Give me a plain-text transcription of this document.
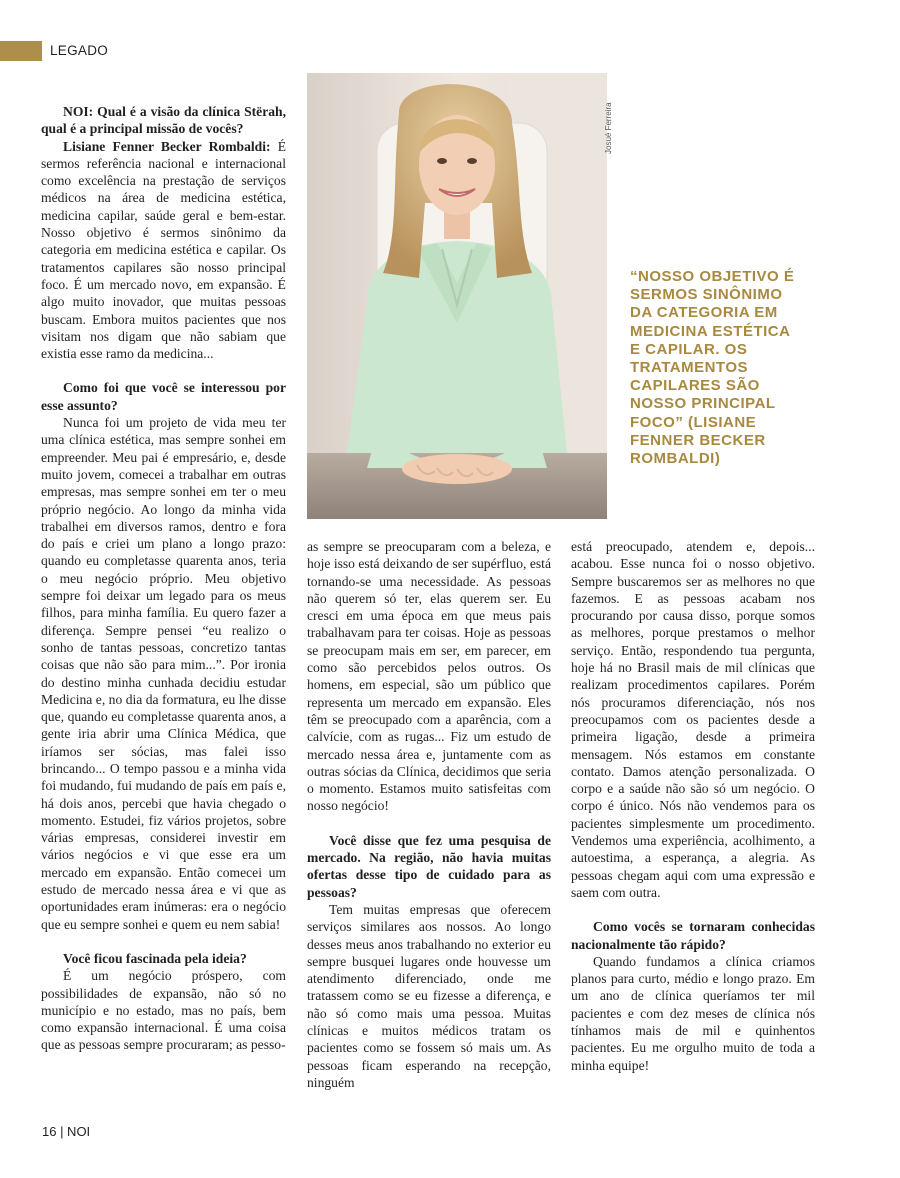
LEGADO

NOI: Qual é a visão da clínica Stërah, qual é a principal missão de vocês?

Lisiane Fenner Becker Rombaldi: É sermos referência nacional e internacional como excelência na prestação de serviços médicos na área de medicina estética, medicina capilar, saúde geral e bem-estar. Nosso objetivo é sermos sinônimo da categoria em medicina estética e capilar. Os tratamentos capilares são nosso principal foco. É um mercado novo, em expansão. É algo muito inovador, que muitas pessoas buscam. Embora muitos pacientes que nos visitam nos digam que não sabiam que existia esse ramo da medicina...

Como foi que você se interessou por esse assunto?

Nunca foi um projeto de vida meu ter uma clínica estética, mas sempre sonhei em empreender. Meu pai é empresário, e, desde muito jovem, comecei a trabalhar em outras empresas, mas sempre sonhei em ter o meu próprio negócio. Ao longo da minha vida trabalhei em diversos ramos, dentro e fora do país e criei um plano a longo prazo: quando eu completasse quarenta anos, teria o meu negócio próprio. Meu objetivo sempre foi deixar um legado para os meus filhos, para minha família. Eu quero fazer a diferença. Sempre pensei “eu realizo o sonho de tantas pessoas, concretizo tantas coisas que não são para mim...”. Por ironia do destino minha cunhada decidiu estudar Medicina e, no dia da formatura, eu lhe disse que, quando eu completasse quarenta anos, a gente iria abrir uma Clínica Médica, que iríamos ser sócias, mas falei isso brincando... O tempo passou e a minha vida foi mudando, fui mudando de país em país e, há dois anos, percebi que havia chegado o momento. Estudei, fiz vários projetos, sobre várias empresas, considerei investir em vários negócios e vi que esse era um mercado em expansão. Então comecei um estudo de mercado nessa área e vi que as oportunidades eram inúmeras: era o negócio que eu sempre sonhei e quem eu nem sabia!

Você ficou fascinada pela ideia?

É um negócio próspero, com possibilidades de expansão, não só no município e no estado, mas no país, bem como expansão internacional. É uma coisa que as pessoas sempre procuraram; as pesso-

Josué Ferreira
“NOSSO OBJETIVO É SERMOS SINÔNIMO DA CATEGORIA EM MEDICINA ESTÉTICA E CAPILAR. OS TRATAMENTOS CAPILARES SÃO NOSSO PRINCIPAL FOCO” (LISIANE FENNER BECKER ROMBALDI)

as sempre se preocuparam com a beleza, e hoje isso está deixando de ser supérfluo, está tornando-se uma necessidade. As pessoas não querem só ter, elas querem ser. Eu cresci em uma época em que meus pais trabalhavam para ter coisas. Hoje as pessoas se preocupam mais em ser, em parecer, em como são percebidos pelos outros. Os homens, em especial, são um público que representa um mercado em expansão. Eles têm se preocupado com a aparência, com a calvície, com as rugas... Fiz um estudo de mercado nessa área e, juntamente com as outras sócias da Clínica, decidimos que seria o momento. Estamos muito satisfeitas com nosso negócio!

Você disse que fez uma pesquisa de mercado. Na região, não havia muitas ofertas desse tipo de cuidado para as pessoas?

Tem muitas empresas que oferecem serviços similares aos nossos. Ao longo desses meus anos trabalhando no exterior eu sempre busquei lugares onde houvesse um atendimento diferenciado, onde me tratassem como se eu fizesse a diferença, e não só como mais uma pessoa. Muitas clínicas e muitos médicos tratam os pacientes como se fossem só mais um. As pessoas ficam esperando na recepção, ninguém

está preocupado, atendem e, depois... acabou. Esse nunca foi o nosso objetivo. Sempre buscaremos ser as melhores no que fazemos. E as pessoas acabam nos procurando por causa disso, porque somos as melhores, porque prestamos o melhor serviço. Então, respondendo tua pergunta, hoje há no Brasil mais de mil clínicas que realizam procedimentos capilares. Porém nós procuramos diferenciação, nós nos preocupamos com os pacientes desde a primeira ligação, desde a primeira mensagem. Nós estamos em constante contato. Damos atenção personalizada. O corpo e a saúde não são só um negócio. O corpo é único. Nós não vendemos para os pacientes simplesmente um procedimento. Vendemos uma experiência, acolhimento, a autoestima, a esperança, a alegria. As pessoas chegam aqui com uma expressão e saem com outra.

Como vocês se tornaram conhecidas nacionalmente tão rápido?

Quando fundamos a clínica criamos planos para curto, médio e longo prazo. Em um ano de clínica queríamos ter mil pacientes e com dez meses de clínica nós tínhamos mais de mil e quinhentos pacientes. Eu me orgulho muito de toda a minha equipe!

16 | NOI
